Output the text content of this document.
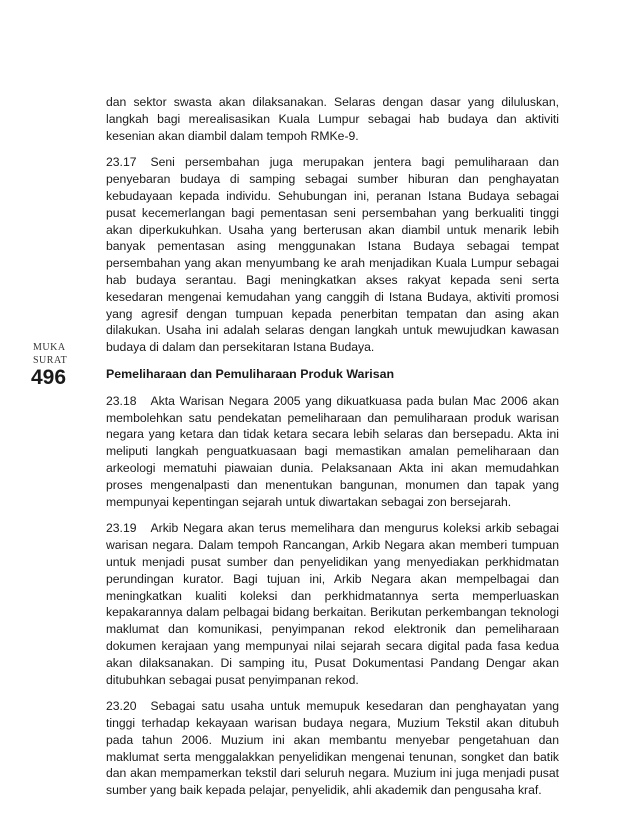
MUKA
SURAT
496

dan sektor swasta akan dilaksanakan. Selaras dengan dasar yang diluluskan, langkah bagi merealisasikan Kuala Lumpur sebagai hab budaya dan aktiviti kesenian akan diambil dalam tempoh RMKe-9.

23.17 Seni persembahan juga merupakan jentera bagi pemuliharaan dan penyebaran budaya di samping sebagai sumber hiburan dan penghayatan kebudayaan kepada individu. Sehubungan ini, peranan Istana Budaya sebagai pusat kecemerlangan bagi pementasan seni persembahan yang berkualiti tinggi akan diperkukuhkan. Usaha yang berterusan akan diambil untuk menarik lebih banyak pementasan asing menggunakan Istana Budaya sebagai tempat persembahan yang akan menyumbang ke arah menjadikan Kuala Lumpur sebagai hab budaya serantau. Bagi meningkatkan akses rakyat kepada seni serta kesedaran mengenai kemudahan yang canggih di Istana Budaya, aktiviti promosi yang agresif dengan tumpuan kepada penerbitan tempatan dan asing akan dilakukan. Usaha ini adalah selaras dengan langkah untuk mewujudkan kawasan budaya di dalam dan persekitaran Istana Budaya.

Pemeliharaan dan Pemuliharaan Produk Warisan

23.18 Akta Warisan Negara 2005 yang dikuatkuasa pada bulan Mac 2006 akan membolehkan satu pendekatan pemeliharaan dan pemuliharaan produk warisan negara yang ketara dan tidak ketara secara lebih selaras dan bersepadu. Akta ini meliputi langkah penguatkuasaan bagi memastikan amalan pemeliharaan dan arkeologi mematuhi piawaian dunia. Pelaksanaan Akta ini akan memudahkan proses mengenalpasti dan menentukan bangunan, monumen dan tapak yang mempunyai kepentingan sejarah untuk diwartakan sebagai zon bersejarah.

23.19 Arkib Negara akan terus memelihara dan mengurus koleksi arkib sebagai warisan negara. Dalam tempoh Rancangan, Arkib Negara akan memberi tumpuan untuk menjadi pusat sumber dan penyelidikan yang menyediakan perkhidmatan perundingan kurator. Bagi tujuan ini, Arkib Negara akan mempelbagai dan meningkatkan kualiti koleksi dan perkhidmatannya serta memperluaskan kepakarannya dalam pelbagai bidang berkaitan. Berikutan perkembangan teknologi maklumat dan komunikasi, penyimpanan rekod elektronik dan pemeliharaan dokumen kerajaan yang mempunyai nilai sejarah secara digital pada fasa kedua akan dilaksanakan. Di samping itu, Pusat Dokumentasi Pandang Dengar akan ditubuhkan sebagai pusat penyimpanan rekod.

23.20 Sebagai satu usaha untuk memupuk kesedaran dan penghayatan yang tinggi terhadap kekayaan warisan budaya negara, Muzium Tekstil akan ditubuh pada tahun 2006. Muzium ini akan membantu menyebar pengetahuan dan maklumat serta menggalakkan penyelidikan mengenai tenunan, songket dan batik dan akan mempamerkan tekstil dari seluruh negara. Muzium ini juga menjadi pusat sumber yang baik kepada pelajar, penyelidik, ahli akademik dan pengusaha kraf.
